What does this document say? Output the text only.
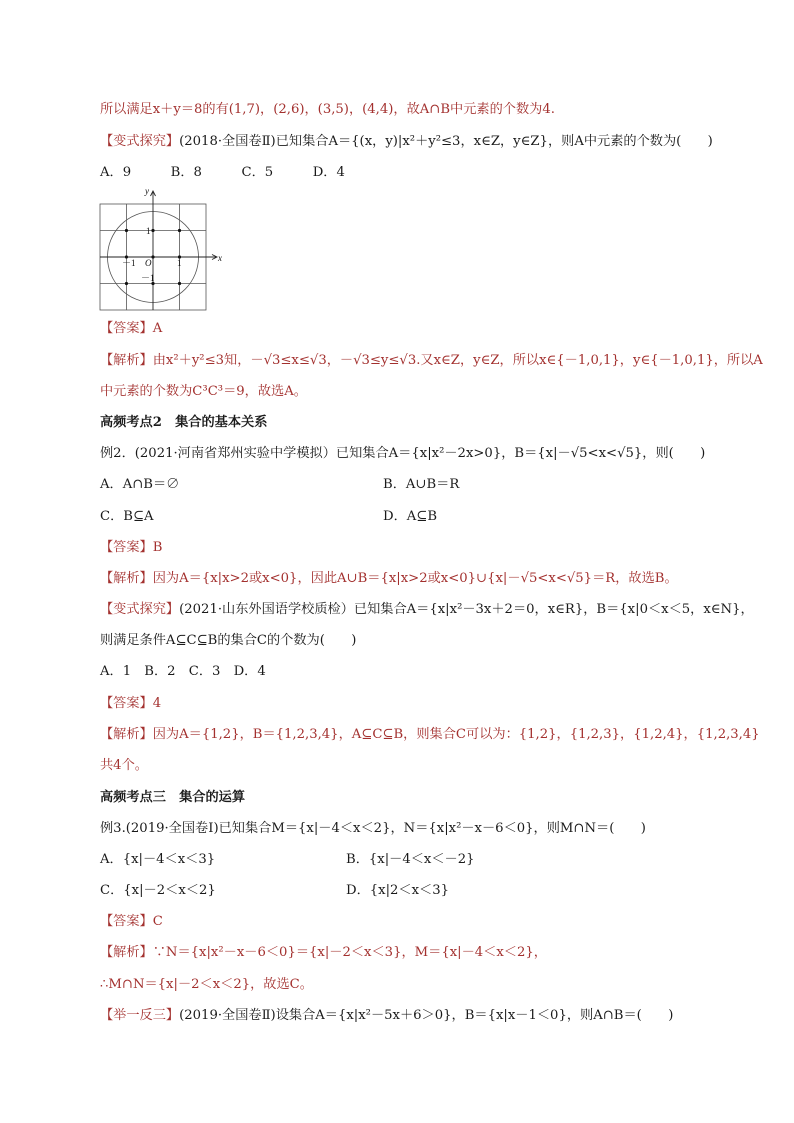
所以满足x＋y＝8的有(1,7)，(2,6)，(3,5)，(4,4)，故A∩B中元素的个数为4.
【变式探究】(2018·全国卷Ⅱ)已知集合A＝{(x，y)|x²＋y²≤3，x∈Z，y∈Z}，则A中元素的个数为(　　)
A．9　　　B．8　　　C．5　　　D．4
x
y
O	1
－1
1
－1
【答案】A
【解析】由x²＋y²≤3知，－√3≤x≤√3，－√3≤y≤√3.又x∈Z，y∈Z，所以x∈{－1,0,1}，y∈{－1,0,1}，所以A
中元素的个数为C³C³＝9，故选A。
高频考点2　集合的基本关系
例2．(2021·河南省郑州实验中学模拟）已知集合A＝{x|x²－2x>0}，B＝{x|－√5<x<√5}，则(　　)
A．A∩B＝∅	B．A∪B＝R
C．B⊆A	D．A⊆B
【答案】B
【解析】因为A＝{x|x>2或x<0}，因此A∪B＝{x|x>2或x<0}∪{x|－√5<x<√5}＝R，故选B。
【变式探究】(2021·山东外国语学校质检）已知集合A＝{x|x²－3x＋2＝0，x∈R}，B＝{x|0＜x＜5，x∈N}，
则满足条件A⊆C⊆B的集合C的个数为(　　)
A．1　B．2　C．3　D．4
【答案】4
【解析】因为A＝{1,2}，B＝{1,2,3,4}，A⊆C⊆B，则集合C可以为：{1,2}，{1,2,3}，{1,2,4}，{1,2,3,4}
共4个。
高频考点三　集合的运算
例3.(2019·全国卷Ⅰ)已知集合M＝{x|－4＜x＜2}，N＝{x|x²－x－6＜0}，则M∩N＝(　　)
A．{x|－4＜x＜3}	B．{x|－4＜x＜－2}
C．{x|－2＜x＜2}	D．{x|2＜x＜3}
【答案】C
【解析】∵N＝{x|x²－x－6＜0}＝{x|－2＜x＜3}，M＝{x|－4＜x＜2}，
∴M∩N＝{x|－2＜x＜2}，故选C。
【举一反三】(2019·全国卷Ⅱ)设集合A＝{x|x²－5x＋6＞0}，B＝{x|x－1＜0}，则A∩B＝(　　)
